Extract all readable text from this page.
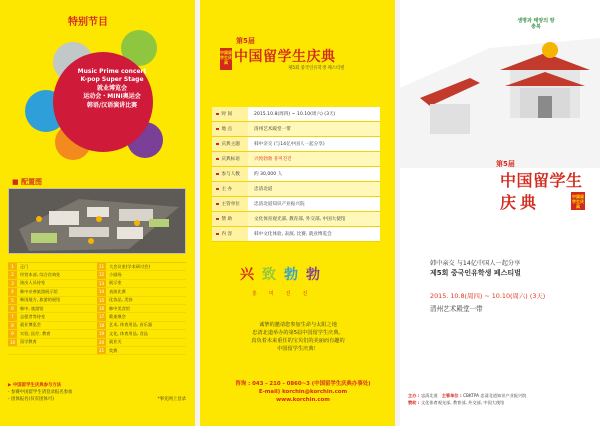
特别节目
Music Prime concert
K-pop Super Stage
就业博览会
运动会・MINI奥运会
韩语/汉语演讲比赛
■ 配置图
1	正门	11	大会议室(学术研讨会)
2	经营本部, 综合咨询处	12	小剧场
3	演出人员待室	13	展示室
4	韩中亲善旅游展示馆	14	表演比赛
5	韩国地方, 旅游的展馆	15	化妆品, 美容
6	韩中, 旅游馆	16	韩中美食馆
7	志愿者等待室	17	歌迷聚会
8	就业博览会	18	艺术, 体育用品, 首乐器
9	实验, 医疗, 教育	19	文化, 体育用品, 食品
10	留学教育	20	就业关
21	奖赛
▶ 中国留学生庆典参与方法
- 参赛中国留学生请登录报名参加
- 团体报名(仅有团体可)	*事先网上登录
中国留学生庆典
第5届
中国留学生庆典
제5회 중국인유학생 페스티벌
时 间	2015.10.8(周四) ~ 10.10(周六) (3天)
地 点	清州艺术殿堂一带
庆典主题	韩中亲交 (与14亿中国人一起分享)
庆典标语	兴致勃勃 흥미진진
参与人数	约 30,000 人
主 办	忠清北道
主管单位	忠清北道知识产业振兴院
赞 助	文化体育观光部, 教育部, 外交部, 中国大使馆
内 容	韩中文化体验, 表演, 比赛, 就业博览会
兴致勃勃
흥미진진
诚挚的邀请您参加生命与太阳之地
忠清北道举办的第5届中国留学生庆典。
真负着未来重任的宝贝们的美丽而有趣的
中国留学生庆典！
咨询 : 043 - 210 - 0860~3 (中国留学生庆典办事处)
E-mail) korchin@korchin.com
www.korchin.com
생명과 태양의 땅 충북
第5届
中国留学生
庆典	中国留学生庆典
韩中亲交 与14亿中国人一起分享
제5회 중국인유학생 페스티벌
2015. 10.8(周四) ~ 10.10(周六) (3天)
清州艺术殿堂一带
主办 : 忠清北道 主管单位 : CBKTPA 忠清北道知识产业振兴院
赞助 : 文化体育观光部, 教育部, 外交部, 中国大使馆
